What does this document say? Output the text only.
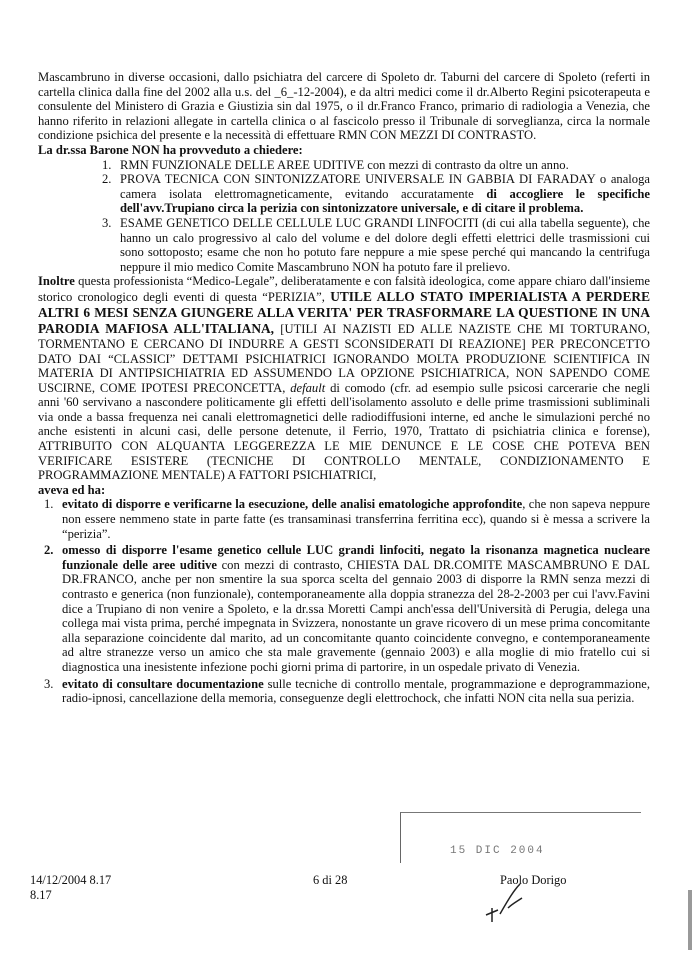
Mascambruno in diverse occasioni, dallo psichiatra del carcere di Spoleto dr. Taburni del carcere di Spoleto (referti in cartella clinica dalla fine del 2002 alla u.s. del _6_-12-2004), e da altri medici come il dr.Alberto Regini psicoterapeuta e consulente del Ministero di Grazia e Giustizia sin dal 1975, o il dr.Franco Franco, primario di radiologia a Venezia, che hanno riferito in relazioni allegate in cartella clinica o al fascicolo presso il Tribunale di sorveglianza, circa la normale condizione psichica del presente e la necessità di effettuare RMN CON MEZZI DI CONTRASTO.

La dr.ssa Barone NON ha provveduto a chiedere:

1. RMN FUNZIONALE DELLE AREE UDITIVE con mezzi di contrasto da oltre un anno.
2. PROVA TECNICA CON SINTONIZZATORE UNIVERSALE IN GABBIA DI FARADAY o analoga camera isolata elettromagneticamente, evitando accuratamente di accogliere le specifiche dell'avv.Trupiano circa la perizia con sintonizzatore universale, e di citare il problema.
3. ESAME GENETICO DELLE CELLULE LUC GRANDI LINFOCITI (di cui alla tabella seguente), che hanno un calo progressivo al calo del volume e del dolore degli effetti elettrici delle trasmissioni cui sono sottoposto; esame che non ho potuto fare neppure a mie spese perché qui mancando la centrifuga neppure il mio medico Comite Mascambruno NON ha potuto fare il prelievo.

Inoltre questa professionista “Medico-Legale”, deliberatamente e con falsità ideologica, come appare chiaro dall'insieme storico cronologico degli eventi di questa “PERIZIA”, UTILE ALLO STATO IMPERIALISTA A PERDERE ALTRI 6 MESI SENZA GIUNGERE ALLA VERITA' PER TRASFORMARE LA QUESTIONE IN UNA PARODIA MAFIOSA ALL'ITALIANA, [UTILI AI NAZISTI ED ALLE NAZISTE CHE MI TORTURANO, TORMENTANO E CERCANO DI INDURRE A GESTI SCONSIDERATI DI REAZIONE] PER PRECONCETTO DATO DAI “CLASSICI” DETTAMI PSICHIATRICI IGNORANDO MOLTA PRODUZIONE SCIENTIFICA IN MATERIA DI ANTIPSICHIATRIA ED ASSUMENDO LA OPZIONE PSICHIATRICA, NON SAPENDO COME USCIRNE, COME IPOTESI PRECONCETTA, default di comodo (cfr. ad esempio sulle psicosi carcerarie che negli anni '60 servivano a nascondere politicamente gli effetti dell'isolamento assoluto e delle prime trasmissioni subliminali via onde a bassa frequenza nei canali elettromagnetici delle radiodiffusioni interne, ed anche le simulazioni perché no anche esistenti in alcuni casi, delle persone detenute, il Ferrio, 1970, Trattato di psichiatria clinica e forense), ATTRIBUITO CON ALQUANTA LEGGEREZZA LE MIE DENUNCE E LE COSE CHE POTEVA BEN VERIFICARE ESISTERE (TECNICHE DI CONTROLLO MENTALE, CONDIZIONAMENTO E PROGRAMMAZIONE MENTALE) A FATTORI PSICHIATRICI,

aveva ed ha:

1. evitato di disporre e verificarne la esecuzione, delle analisi ematologiche approfondite, che non sapeva neppure non essere nemmeno state in parte fatte (es transaminasi transferrina ferritina ecc), quando si è messa a scrivere la “perizia”.
2. omesso di disporre l'esame genetico cellule LUC grandi linfociti, negato la risonanza magnetica nucleare funzionale delle aree uditive con mezzi di contrasto, CHIESTA DAL DR.COMITE MASCAMBRUNO E DAL DR.FRANCO, anche per non smentire la sua sporca scelta del gennaio 2003 di disporre la RMN senza mezzi di contrasto e generica (non funzionale), contemporaneamente alla doppia stranezza del 28-2-2003 per cui l'avv.Favini dice a Trupiano di non venire a Spoleto, e la dr.ssa Moretti Campi anch'essa dell'Università di Perugia, delega una collega mai vista prima, perché impegnata in Svizzera, nonostante un grave ricovero di un mese prima concomitante alla separazione coincidente dal marito, ad un concomitante quanto coincidente convegno, e contemporaneamente ad altre stranezze verso un amico che sta male gravemente (gennaio 2003) e alla moglie di mio fratello cui si diagnostica una inesistente infezione pochi giorni prima di partorire, in un ospedale privato di Venezia.
3. evitato di consultare documentazione sulle tecniche di controllo mentale, programmazione e deprogrammazione, radio-ipnosi, cancellazione della memoria, conseguenze degli elettrochock, che infatti NON cita nella sua perizia.
15 DIC 2004
14/12/2004 8.17
8.17
6 di 28	Paolo Dorigo
